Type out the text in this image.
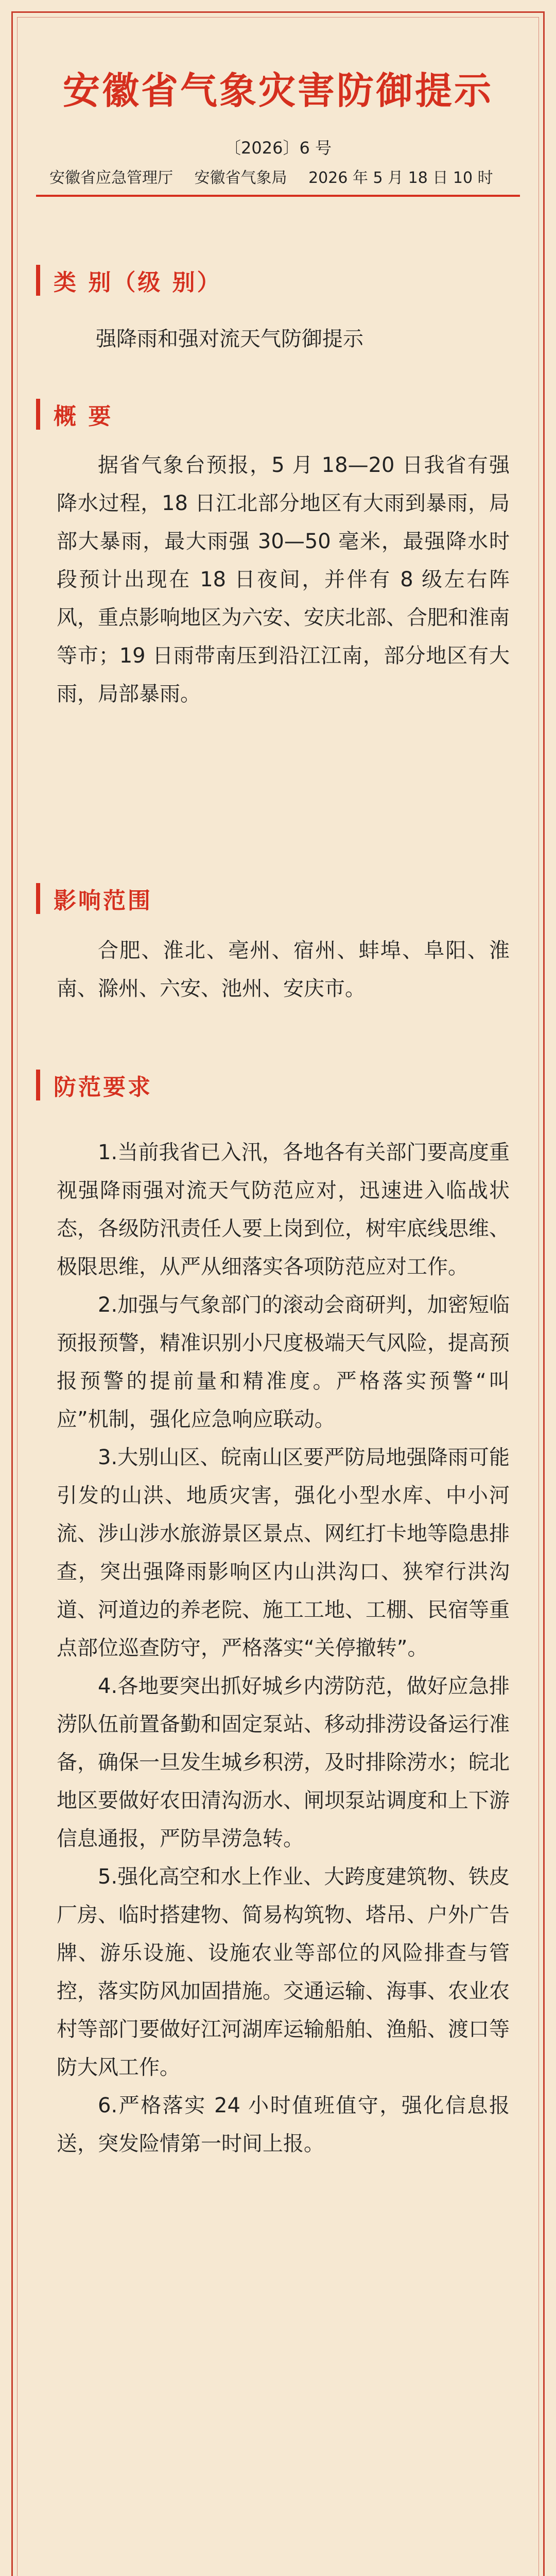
安徽省气象灾害防御提示
〔2026〕6 号
安徽省应急管理厅 安徽省气象局 2026 年 5 月 18 日 10 时
类 别（级 别）
强降雨和强对流天气防御提示
概 要

据省气象台预报，5 月 18—20 日我省有强降水过程，18 日江北部分地区有大雨到暴雨，局部大暴雨，最大雨强 30—50 毫米，最强降水时段预计出现在 18 日夜间，并伴有 8 级左右阵风，重点影响地区为六安、安庆北部、合肥和淮南等市；19 日雨带南压到沿江江南，部分地区有大雨，局部暴雨。

影响范围

合肥、淮北、亳州、宿州、蚌埠、阜阳、淮南、滁州、六安、池州、安庆市。

防范要求

1.当前我省已入汛，各地各有关部门要高度重视强降雨强对流天气防范应对，迅速进入临战状态，各级防汛责任人要上岗到位，树牢底线思维、极限思维，从严从细落实各项防范应对工作。

2.加强与气象部门的滚动会商研判，加密短临预报预警，精准识别小尺度极端天气风险，提高预报预警的提前量和精准度。严格落实预警“叫应”机制，强化应急响应联动。

3.大别山区、皖南山区要严防局地强降雨可能引发的山洪、地质灾害，强化小型水库、中小河流、涉山涉水旅游景区景点、网红打卡地等隐患排查，突出强降雨影响区内山洪沟口、狭窄行洪沟道、河道边的养老院、施工工地、工棚、民宿等重点部位巡查防守，严格落实“关停撤转”。

4.各地要突出抓好城乡内涝防范，做好应急排涝队伍前置备勤和固定泵站、移动排涝设备运行准备，确保一旦发生城乡积涝，及时排除涝水；皖北地区要做好农田清沟沥水、闸坝泵站调度和上下游信息通报，严防旱涝急转。

5.强化高空和水上作业、大跨度建筑物、铁皮厂房、临时搭建物、简易构筑物、塔吊、户外广告牌、游乐设施、设施农业等部位的风险排查与管控，落实防风加固措施。交通运输、海事、农业农村等部门要做好江河湖库运输船舶、渔船、渡口等防大风工作。

6.严格落实 24 小时值班值守，强化信息报送，突发险情第一时间上报。
